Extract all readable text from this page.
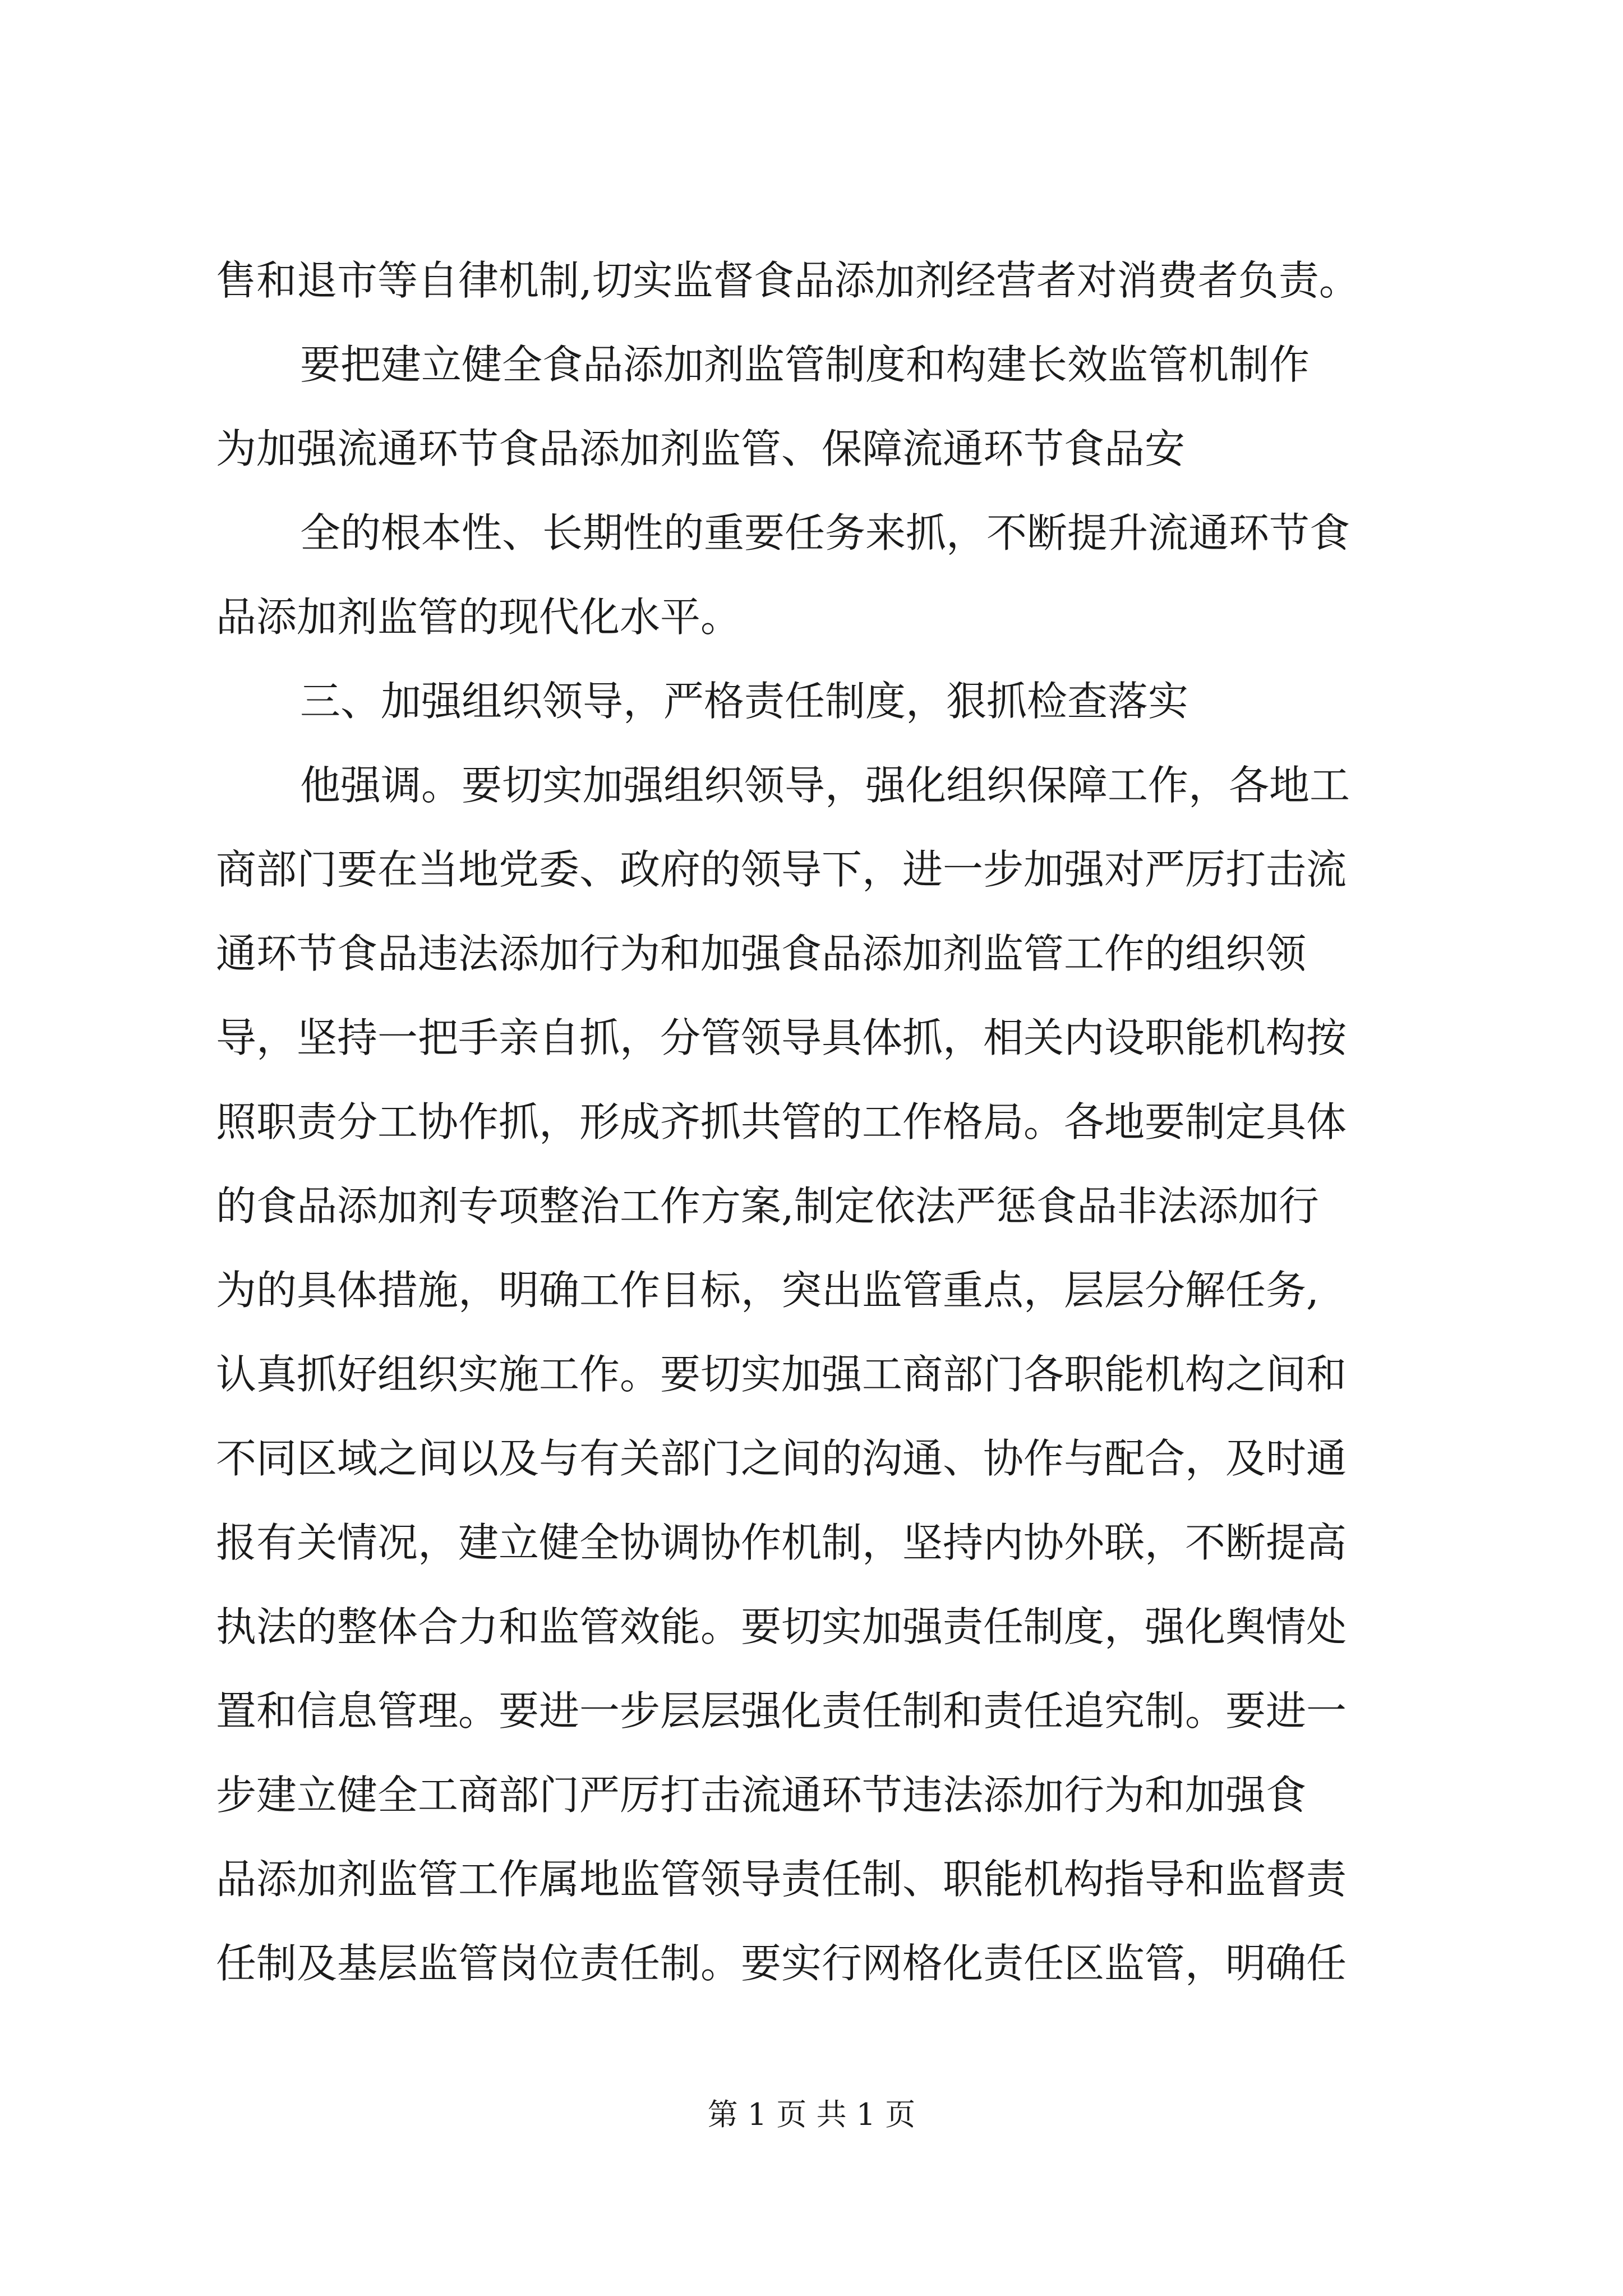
售和退市等自律机制,切实监督食品添加剂经营者对消费者负责。
要把建立健全食品添加剂监管制度和构建长效监管机制作
为加强流通环节食品添加剂监管、保障流通环节食品安
全的根本性、长期性的重要任务来抓，不断提升流通环节食
品添加剂监管的现代化水平。
三、加强组织领导，严格责任制度，狠抓检查落实
他强调。要切实加强组织领导，强化组织保障工作，各地工
商部门要在当地党委、政府的领导下，进一步加强对严厉打击流
通环节食品违法添加行为和加强食品添加剂监管工作的组织领
导，坚持一把手亲自抓，分管领导具体抓，相关内设职能机构按
照职责分工协作抓，形成齐抓共管的工作格局。各地要制定具体
的食品添加剂专项整治工作方案,制定依法严惩食品非法添加行
为的具体措施，明确工作目标，突出监管重点，层层分解任务,
认真抓好组织实施工作。要切实加强工商部门各职能机构之间和
不同区域之间以及与有关部门之间的沟通、协作与配合，及时通
报有关情况，建立健全协调协作机制，坚持内协外联，不断提高
执法的整体合力和监管效能。要切实加强责任制度，强化舆情处
置和信息管理。要进一步层层强化责任制和责任追究制。要进一
步建立健全工商部门严厉打击流通环节违法添加行为和加强食
品添加剂监管工作属地监管领导责任制、职能机构指导和监督责
任制及基层监管岗位责任制。要实行网格化责任区监管，明确任
第 1 页 共 1 页
